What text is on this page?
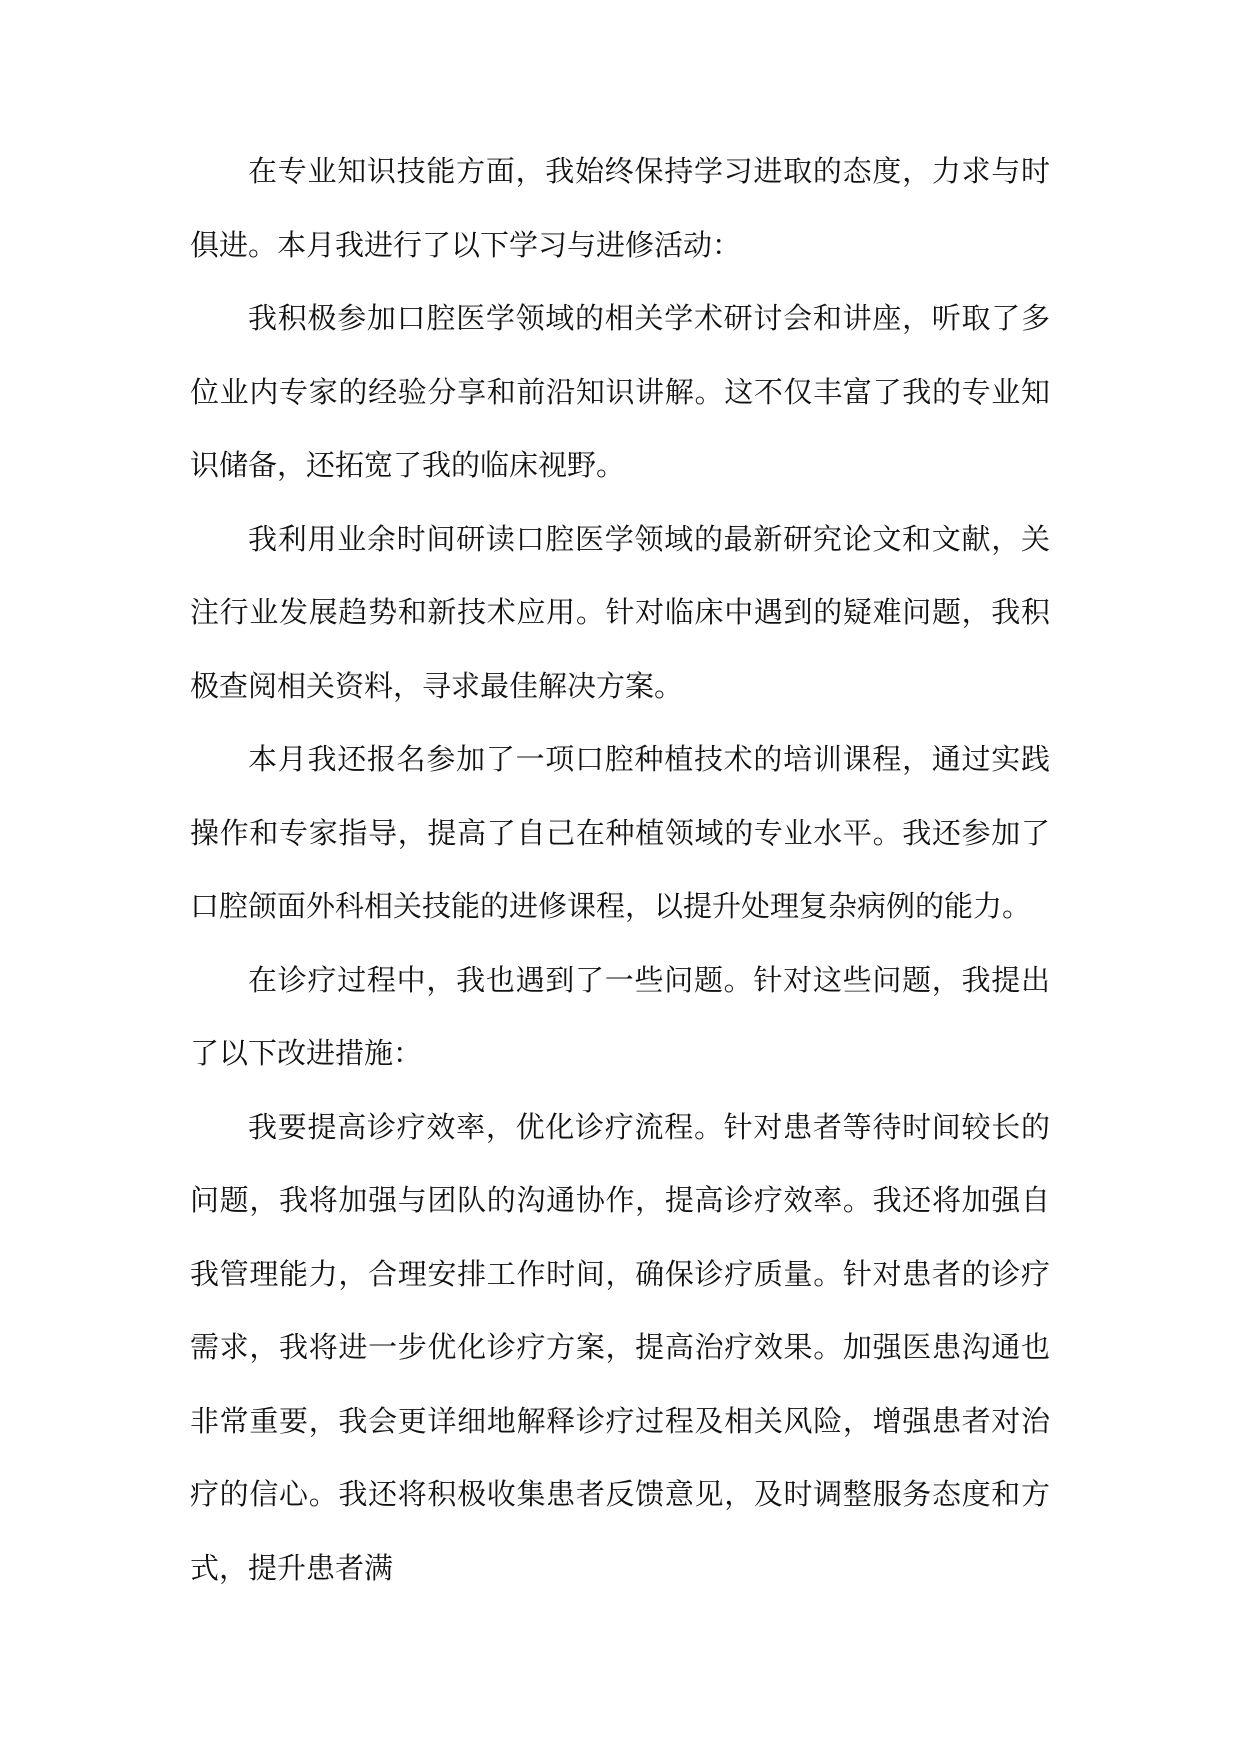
在专业知识技能方面，我始终保持学习进取的态度，力求与时俱进。本月我进行了以下学习与进修活动：

我积极参加口腔医学领域的相关学术研讨会和讲座，听取了多位业内专家的经验分享和前沿知识讲解。这不仅丰富了我的专业知识储备，还拓宽了我的临床视野。

我利用业余时间研读口腔医学领域的最新研究论文和文献，关注行业发展趋势和新技术应用。针对临床中遇到的疑难问题，我积极查阅相关资料，寻求最佳解决方案。

本月我还报名参加了一项口腔种植技术的培训课程，通过实践操作和专家指导，提高了自己在种植领域的专业水平。我还参加了口腔颌面外科相关技能的进修课程，以提升处理复杂病例的能力。

在诊疗过程中，我也遇到了一些问题。针对这些问题，我提出了以下改进措施：

我要提高诊疗效率，优化诊疗流程。针对患者等待时间较长的问题，我将加强与团队的沟通协作，提高诊疗效率。我还将加强自我管理能力，合理安排工作时间，确保诊疗质量。针对患者的诊疗需求，我将进一步优化诊疗方案，提高治疗效果。加强医患沟通也非常重要，我会更详细地解释诊疗过程及相关风险，增强患者对治疗的信心。我还将积极收集患者反馈意见，及时调整服务态度和方式，提升患者满
